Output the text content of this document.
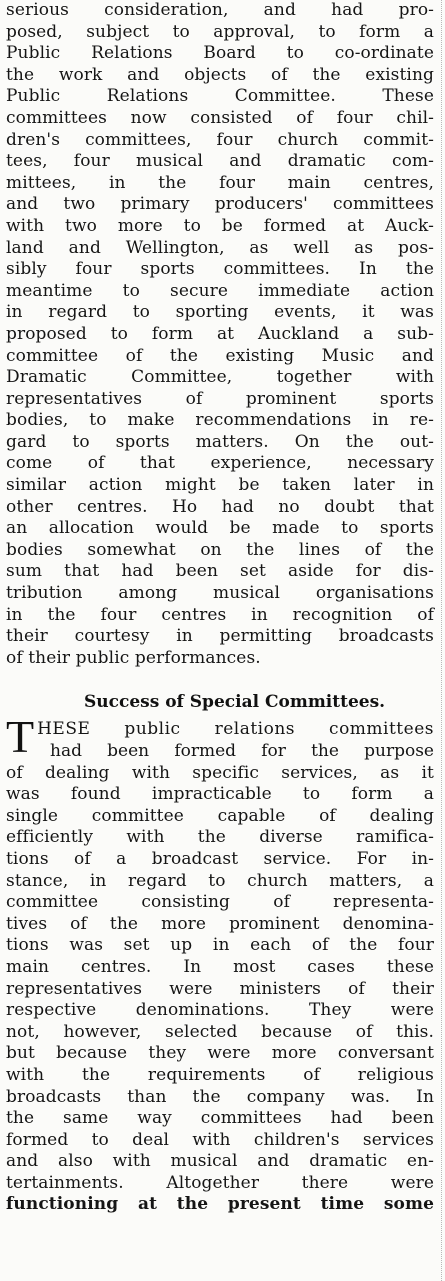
serious consideration, and had pro-
posed, subject to approval, to form a
Public Relations Board to co-ordinate
the work and objects of the existing
Public Relations Committee. These
committees now consisted of four chil-
dren's committees, four church commit-
tees, four musical and dramatic com-
mittees, in the four main centres,
and two primary producers' committees
with two more to be formed at Auck-
land and Wellington, as well as pos-
sibly four sports committees. In the
meantime to secure immediate action
in regard to sporting events, it was
proposed to form at Auckland a sub-
committee of the existing Music and
Dramatic Committee, together with
representatives of prominent sports
bodies, to make recommendations in re-
gard to sports matters. On the out-
come of that experience, necessary
similar action might be taken later in
other centres. Ho had no doubt that
an allocation would be made to sports
bodies somewhat on the lines of the
sum that had been set aside for dis-
tribution among musical organisations
in the four centres in recognition of
their courtesy in permitting broadcasts
of their public performances.
Success of Special Committees.
T HESE public relations committees
had been formed for the purpose
of dealing with specific services, as it
was found impracticable to form a
single committee capable of dealing
efficiently with the diverse ramifica-
tions of a broadcast service. For in-
stance, in regard to church matters, a
committee consisting of representa-
tives of the more prominent denomina-
tions was set up in each of the four
main centres. In most cases these
representatives were ministers of their
respective denominations. They were
not, however, selected because of this.
but because they were more conversant
with the requirements of religious
broadcasts than the company was. In
the same way committees had been
formed to deal with children's services
and also with musical and dramatic en-
tertainments. Altogether there were
functioning at the present time some
